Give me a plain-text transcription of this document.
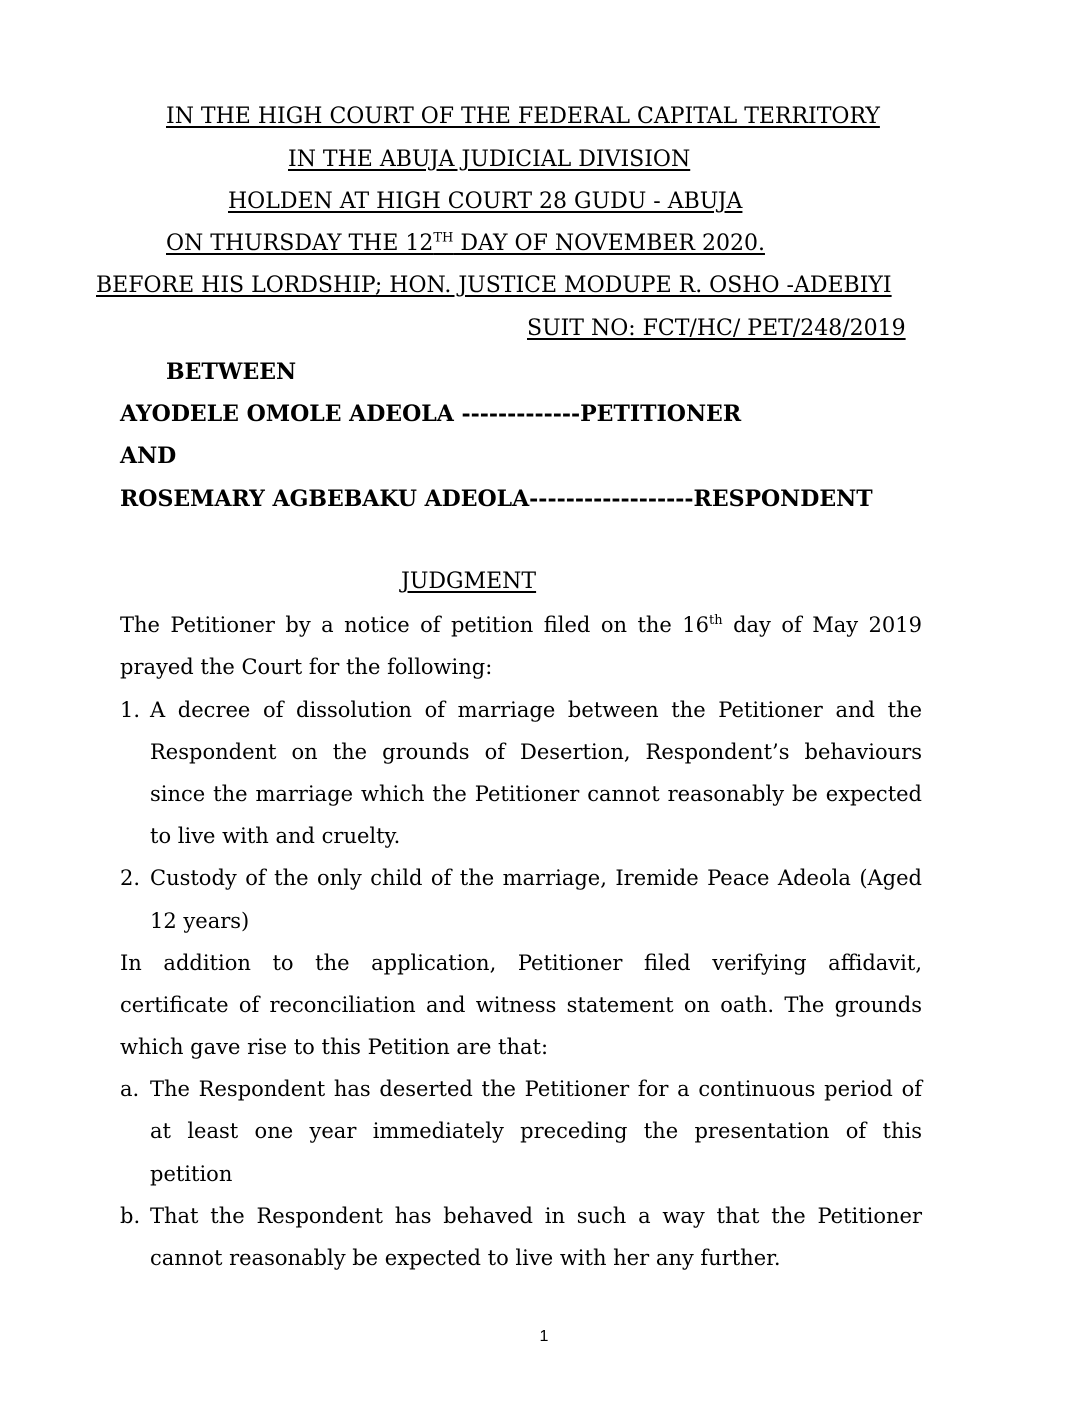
IN THE HIGH COURT OF THE FEDERAL CAPITAL TERRITORY
IN THE ABUJA JUDICIAL DIVISION
HOLDEN AT HIGH COURT 28 GUDU - ABUJA
ON THURSDAY THE 12TH DAY OF NOVEMBER 2020.
BEFORE HIS LORDSHIP; HON. JUSTICE MODUPE R. OSHO -ADEBIYI
SUIT NO: FCT/HC/ PET/248/2019
BETWEEN
AYODELE OMOLE ADEOLA -------------PETITIONER
AND
ROSEMARY AGBEBAKU ADEOLA------------------RESPONDENT
JUDGMENT
The Petitioner by a notice of petition filed on the 16th day of May 2019
prayed the Court for the following:
1. A decree of dissolution of marriage between the Petitioner and the
Respondent on the grounds of Desertion, Respondent’s behaviours
since the marriage which the Petitioner cannot reasonably be expected
to live with and cruelty.
2. Custody of the only child of the marriage, Iremide Peace Adeola (Aged
12 years)
In addition to the application, Petitioner filed verifying affidavit,
certificate of reconciliation and witness statement on oath. The grounds
which gave rise to this Petition are that:
a. The Respondent has deserted the Petitioner for a continuous period of
at least one year immediately preceding the presentation of this
petition
b. That the Respondent has behaved in such a way that the Petitioner
cannot reasonably be expected to live with her any further.
1
